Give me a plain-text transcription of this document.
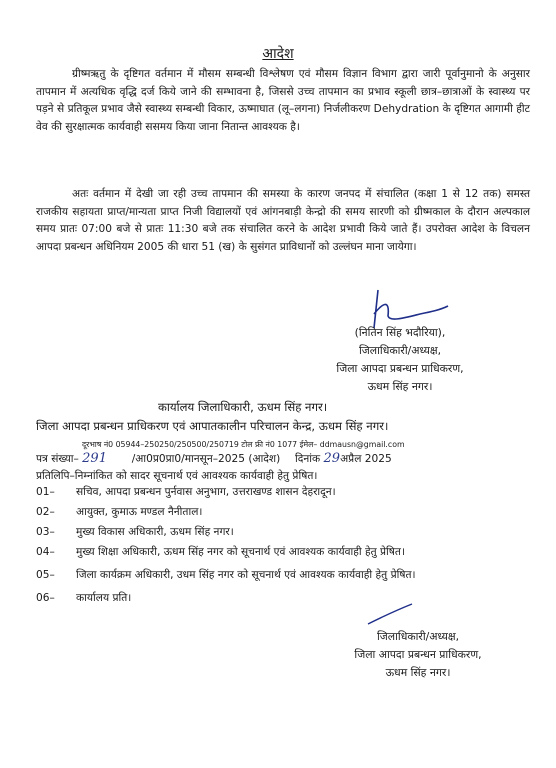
आदेश
ग्रीष्मऋतु के दृष्टिगत वर्तमान में मौसम सम्बन्धी विश्लेषण एवं मौसम विज्ञान विभाग द्वारा जारी पूर्वानुमानो के अनुसार तापमान में अत्यधिक वृद्धि दर्ज किये जाने की सम्भावना है, जिससे उच्च तापमान का प्रभाव स्कूली छात्र–छात्राओं के स्वास्थ्य पर पड़ने से प्रतिकूल प्रभाव जैसे स्वास्थ्य सम्बन्धी विकार, ऊष्माघात (लू–लगना) निर्जलीकरण Dehydration के दृष्टिगत आगामी हीट वेव की सुरक्षात्मक कार्यवाही ससमय किया जाना नितान्त आवश्यक है।
अतः वर्तमान में देखी जा रही उच्च तापमान की समस्या के कारण जनपद में संचालित (कक्षा 1 से 12 तक) समस्त राजकीय सहायता प्राप्त/मान्यता प्राप्त निजी विद्यालयों एवं आंगनबाड़ी केन्द्रो की समय सारणी को ग्रीष्मकाल के दौरान अल्पकाल समय प्रातः 07:00 बजे से प्रातः 11:30 बजे तक संचालित करने के आदेश प्रभावी किये जाते हैं। उपरोक्त आदेश के विचलन आपदा प्रबन्धन अधिनियम 2005 की धारा 51 (ख) के सुसंगत प्राविधानों को उल्लंघन माना जायेगा।
(नितिन सिंह भदौरिया),
जिलाधिकारी/अध्यक्ष,
जिला आपदा प्रबन्धन प्राधिकरण,
ऊधम सिंह नगर।
कार्यालय जिलाधिकारी, ऊधम सिंह नगर।
जिला आपदा प्रबन्धन प्राधिकरण एवं आपातकालीन परिचालन केन्द्र, ऊधम सिंह नगर।
दूरभाष नं0 05944–250250/250500/250719 टोल फ्री नं0 1077 ईमेल– ddmausn@gmail.com
पत्र संख्या– 291 /आ0प्र0प्रा0/मानसून–2025 (आदेश) दिनांक 29अप्रैल 2025
प्रतिलिपि–निम्नांकित को सादर सूचनार्थ एवं आवश्यक कार्यवाही हेतु प्रेषित।
01–	सचिव, आपदा प्रबन्धन पुर्नवास अनुभाग, उत्तराखण्ड शासन देहरादून।
02–	आयुक्त, कुमाऊ मण्डल नैनीताल।
03–	मुख्य विकास अधिकारी, ऊधम सिंह नगर।
04–	मुख्य शिक्षा अधिकारी, ऊधम सिंह नगर को सूचनार्थ एवं आवश्यक कार्यवाही हेतु प्रेषित।
05–	जिला कार्यक्रम अधिकारी, उधम सिंह नगर को सूचनार्थ एवं आवश्यक कार्यवाही हेतु प्रेषित।
06–	कार्यालय प्रति।
जिलाधिकारी/अध्यक्ष,
जिला आपदा प्रबन्धन प्राधिकरण,
ऊधम सिंह नगर।
